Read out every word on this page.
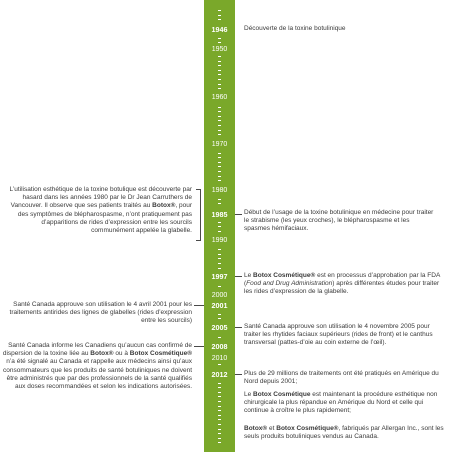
1946
1950
1960
1970
1980
1985
1990
1997
2000
2001
2005
2008
2010
2012
Découverte de la toxine botulinique
Début de l’usage de la toxine botulinique en médecine pour traiter le strabisme (les yeux croches), le blépharospasme et les spasmes hémifaciaux.
Le Botox Cosmétique® est en processus d’approbation par la FDA (Food and Drug Administration) après différentes études pour traiter les rides d’expression de la glabelle.
Santé Canada approuve son utilisation le 4 novembre 2005 pour traiter les rhytides faciaux supérieurs (rides de front) et le canthus transversal (pattes-d’oie au coin externe de l’œil).
Plus de 29 millions de traitements ont été pratiqués en Amérique du Nord depuis 2001;
Le Botox Cosmétique est maintenant la procédure esthétique non chirurgicale la plus répandue en Amérique du Nord et celle qui continue à croître le plus rapidement;
Botox® et Botox Cosmétique®, fabriqués par Allergan Inc., sont les seuls produits botuliniques vendus au Canada.
L’utilisation esthétique de la toxine botulique est découverte par hasard dans les années 1980 par le Dr Jean Carruthers de Vancouver. Il observe que ses patients traités au Botox®, pour des symptômes de blépharospasme, n’ont pratiquement pas d’apparitions de rides d’expression entre les sourcils communément appelée la glabelle.
Santé Canada approuve son utilisation le 4 avril 2001 pour les traitements antirides des lignes de glabelles (rides d’expression entre les sourcils)
Santé Canada informe les Canadiens qu’aucun cas confirmé de dispersion de la toxine liée au Botox® ou à Botox Cosmétique® n’a été signalé au Canada et rappelle aux médecins ainsi qu’aux consommateurs que les produits de santé botuliniques ne doivent être administrés que par des professionnels de la santé qualifiés aux doses recommandées et selon les indications autorisées.
